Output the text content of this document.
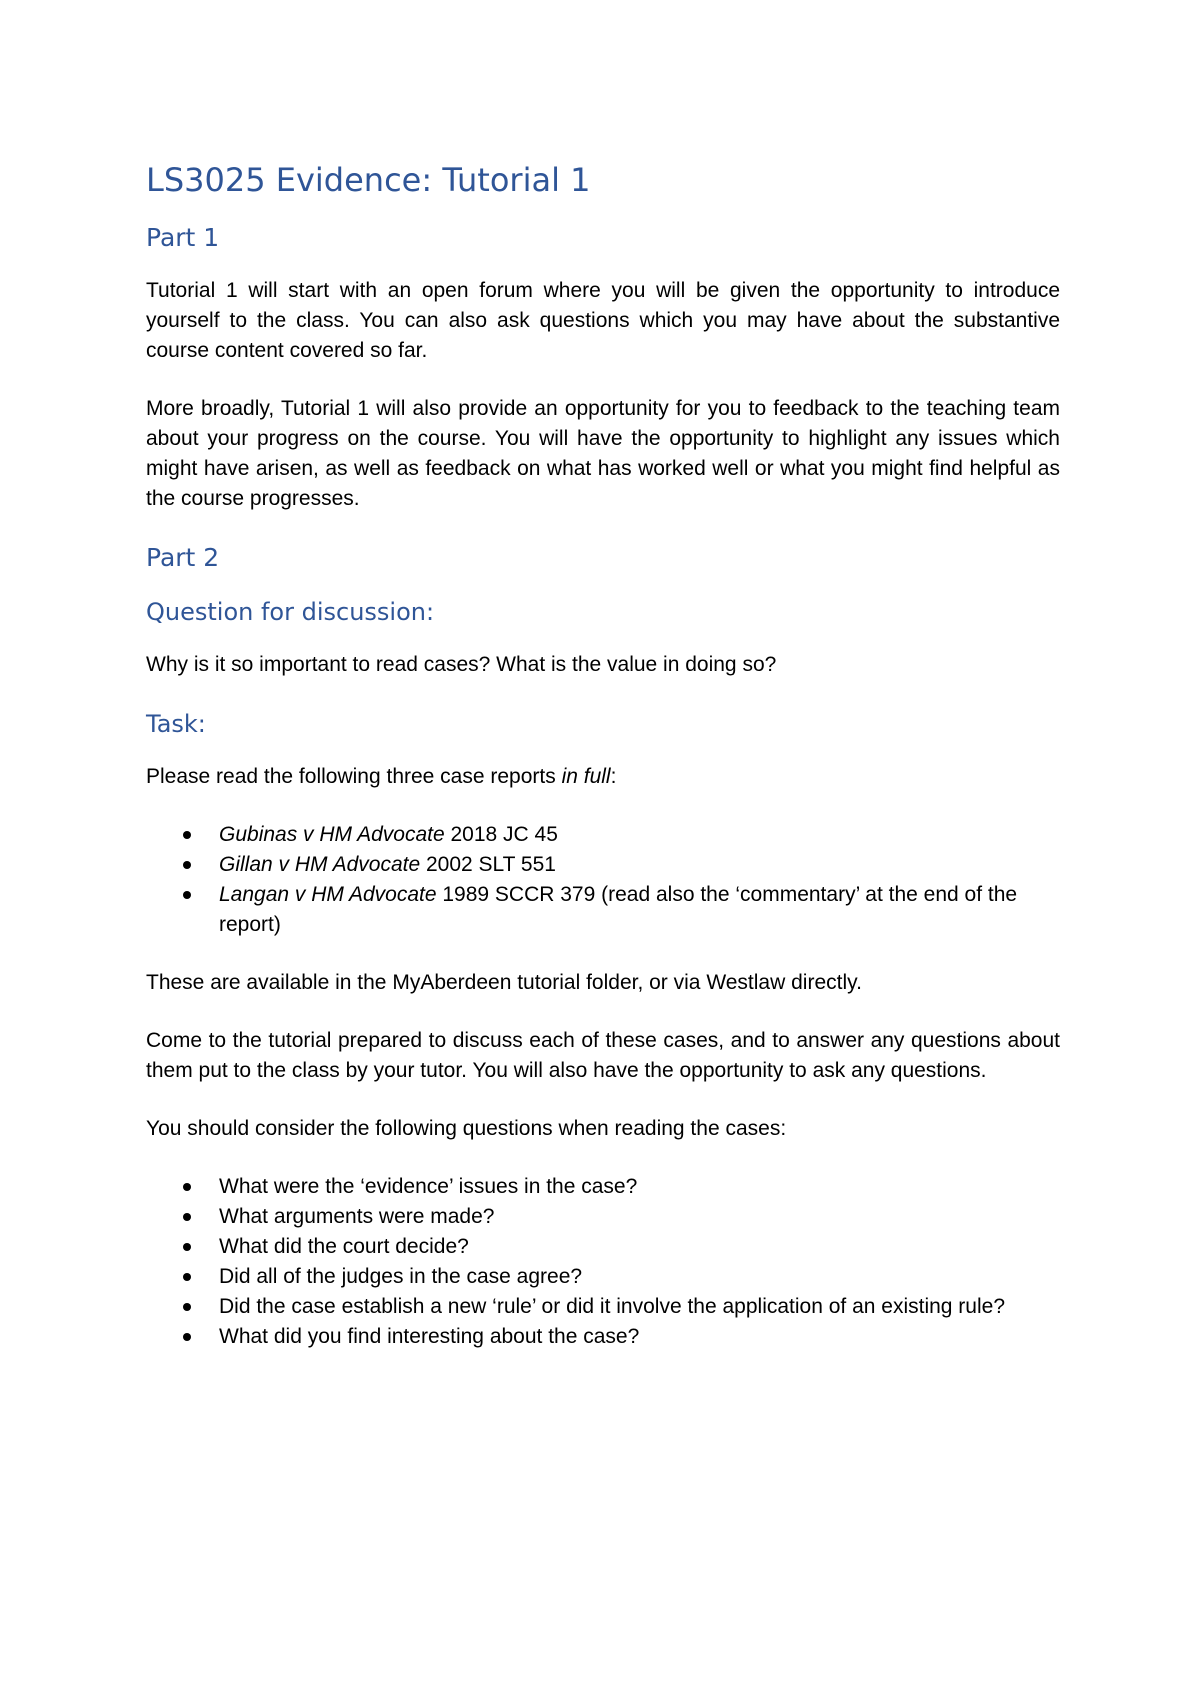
LS3025 Evidence: Tutorial 1
Part 1

Tutorial 1 will start with an open forum where you will be given the opportunity to introduce yourself to the class. You can also ask questions which you may have about the substantive course content covered so far.

More broadly, Tutorial 1 will also provide an opportunity for you to feedback to the teaching team about your progress on the course. You will have the opportunity to highlight any issues which might have arisen, as well as feedback on what has worked well or what you might find helpful as the course progresses.

Part 2
Question for discussion:

Why is it so important to read cases? What is the value in doing so?

Task:

Please read the following three case reports in full:

Gubinas v HM Advocate 2018 JC 45
Gillan v HM Advocate 2002 SLT 551
Langan v HM Advocate 1989 SCCR 379 (read also the ‘commentary’ at the end of the report)

These are available in the MyAberdeen tutorial folder, or via Westlaw directly.

Come to the tutorial prepared to discuss each of these cases, and to answer any questions about them put to the class by your tutor. You will also have the opportunity to ask any questions.

You should consider the following questions when reading the cases:

What were the ‘evidence’ issues in the case?
What arguments were made?
What did the court decide?
Did all of the judges in the case agree?
Did the case establish a new ‘rule’ or did it involve the application of an existing rule?
What did you find interesting about the case?
